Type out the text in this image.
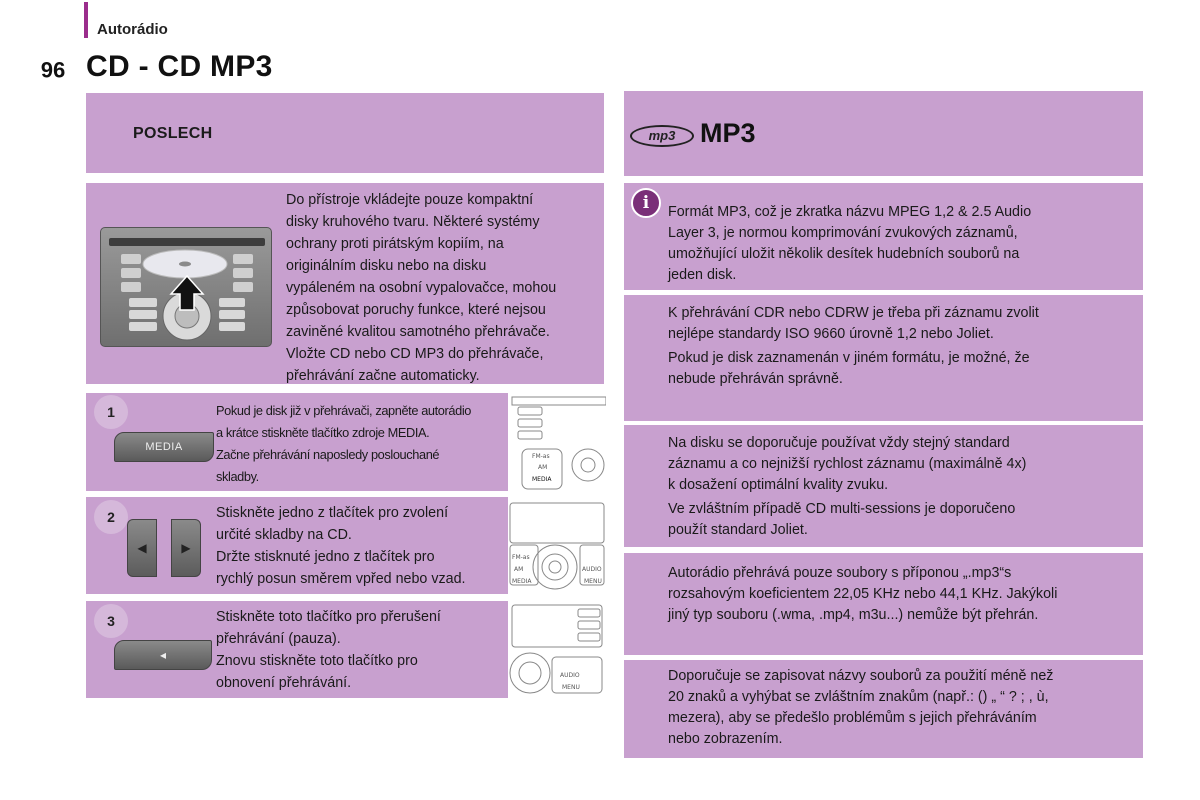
Autorádio
96 CD - CD MP3
POSLECH
Do přístroje vkládejte pouze kompaktní
disky kruhového tvaru. Některé systémy
ochrany proti pirátským kopiím, na
originálním disku nebo na disku
vypáleném na osobní vypalovačce, mohou
způsobovat poruchy funkce, které nejsou
zaviněné kvalitou samotného přehrávače.
Vložte CD nebo CD MP3 do přehrávače,
přehrávání začne automaticky.
1	Pokud je disk již v přehrávači, zapněte autorádio

a krátce stiskněte tlačítko zdroje MEDIA.

Začne přehrávání naposledy poslouchané

skladby.

MEDIA
2	Stiskněte jedno z tlačítek pro zvolení

určité skladby na CD.

Držte stisknuté jedno z tlačítek pro

rychlý posun směrem vpřed nebo vzad.

◀	▶
3	Stiskněte toto tlačítko pro přerušení

přehrávání (pauza).

Znovu stiskněte toto tlačítko pro

obnovení přehrávání.

◂
FM-as
AM
MEDIA
FM-as
AM
MEDIA
AUDIO
MENU
AUDIO
MENU
mp3 MP3

Formát MP3, což je zkratka názvu MPEG 1,2 & 2.5 Audio

Layer 3, je normou komprimování zvukových záznamů,

umožňující uložit několik desítek hudebních souborů na

jeden disk.

i

K přehrávání CDR nebo CDRW je třeba při záznamu zvolit

nejlépe standardy ISO 9660 úrovně 1,2 nebo Joliet.

Pokud je disk zaznamenán v jiném formátu, je možné, že

nebude přehráván správně.

Na disku se doporučuje používat vždy stejný standard

záznamu a co nejnižší rychlost záznamu (maximálně 4x)

k dosažení optimální kvality zvuku.

Ve zvláštním případě CD multi-sessions je doporučeno

použít standard Joliet.

Autorádio přehrává pouze soubory s příponou „.mp3“s

rozsahovým koeficientem 22,05 KHz nebo 44,1 KHz. Jakýkoli

jiný typ souboru (.wma, .mp4, m3u...) nemůže být přehrán.

Doporučuje se zapisovat názvy souborů za použití méně než

20 znaků a vyhýbat se zvláštním znakům (např.: () „ “ ? ; , ù,

mezera), aby se předešlo problémům s jejich přehráváním

nebo zobrazením.
